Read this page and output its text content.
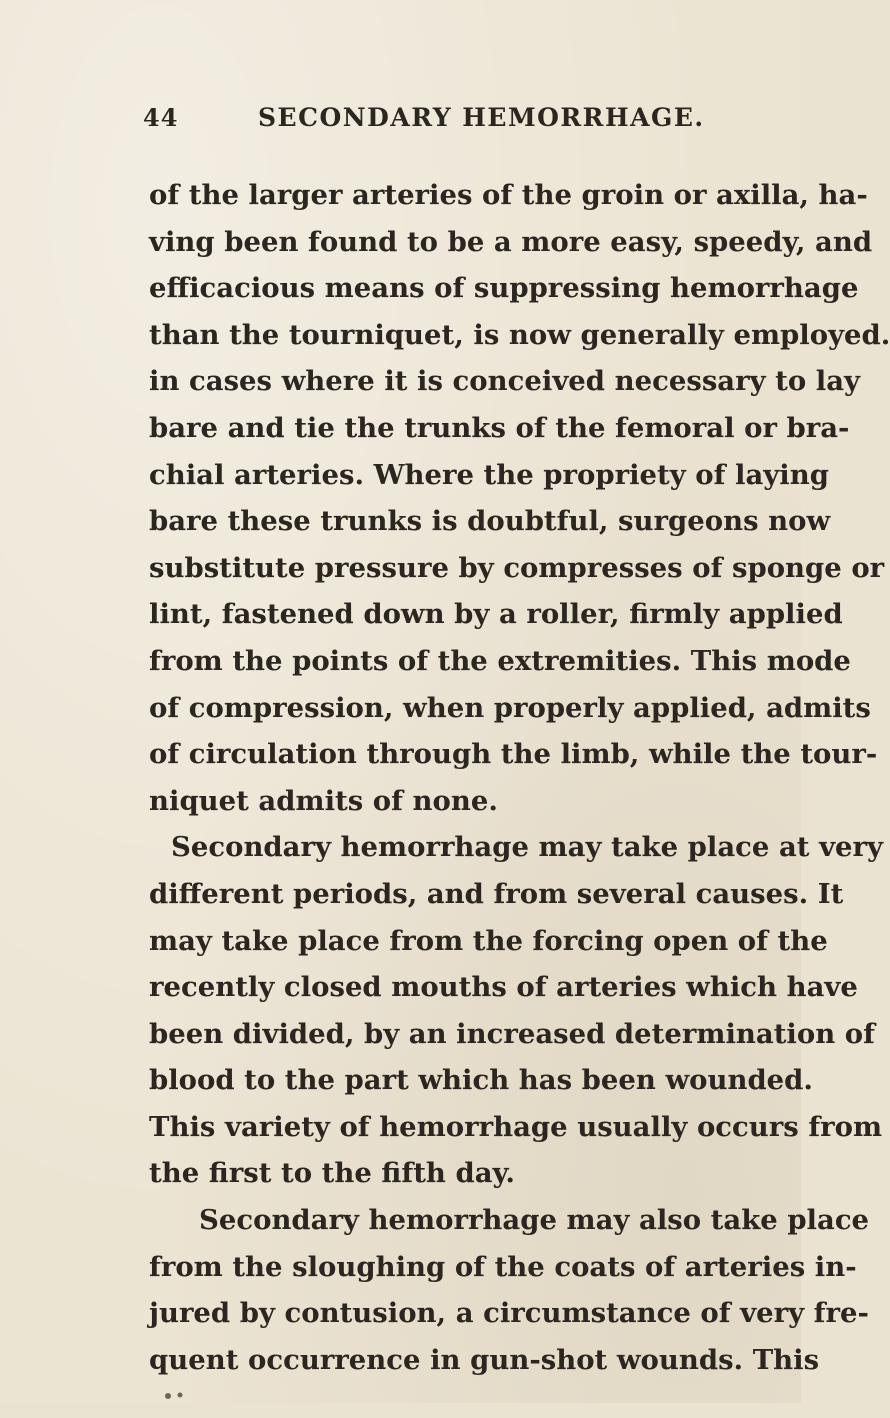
44	SECONDARY HEMORRHAGE.
of the larger arteries of the groin or axilla, ha-
ving been found to be a more easy, speedy, and
efficacious means of suppressing hemorrhage
than the tourniquet, is now generally employed.
in cases where it is conceived necessary to lay
bare and tie the trunks of the femoral or bra-
chial arteries. Where the propriety of laying
bare these trunks is doubtful, surgeons now
substitute pressure by compresses of sponge or
lint, fastened down by a roller, firmly applied
from the points of the extremities. This mode
of compression, when properly applied, admits
of circulation through the limb, while the tour-
niquet admits of none.
Secondary hemorrhage may take place at very
different periods, and from several causes. It
may take place from the forcing open of the
recently closed mouths of arteries which have
been divided, by an increased determination of
blood to the part which has been wounded.
This variety of hemorrhage usually occurs from
the first to the fifth day.
Secondary hemorrhage may also take place
from the sloughing of the coats of arteries in-
jured by contusion, a circumstance of very fre-
quent occurrence in gun-shot wounds. This
